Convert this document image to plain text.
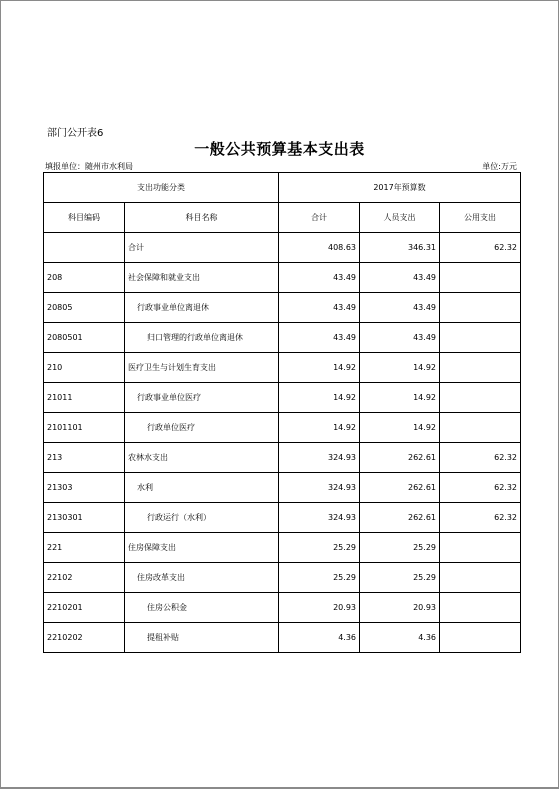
部门公开表6
一般公共预算基本支出表
填报单位：随州市水利局	单位:万元
支出功能分类		2017年预算数		
科目编码	科目名称	合计	人员支出	公用支出
	合计	408.63	346.31	62.32
208	社会保障和就业支出	43.49	43.49	
20805	行政事业单位离退休	43.49	43.49	
2080501	归口管理的行政单位离退休	43.49	43.49	
210	医疗卫生与计划生育支出	14.92	14.92	
21011	行政事业单位医疗	14.92	14.92	
2101101	行政单位医疗	14.92	14.92	
213	农林水支出	324.93	262.61	62.32
21303	水利	324.93	262.61	62.32
2130301	行政运行（水利）	324.93	262.61	62.32
221	住房保障支出	25.29	25.29	
22102	住房改革支出	25.29	25.29	
2210201	住房公积金	20.93	20.93	
2210202	提租补贴	4.36	4.36	
